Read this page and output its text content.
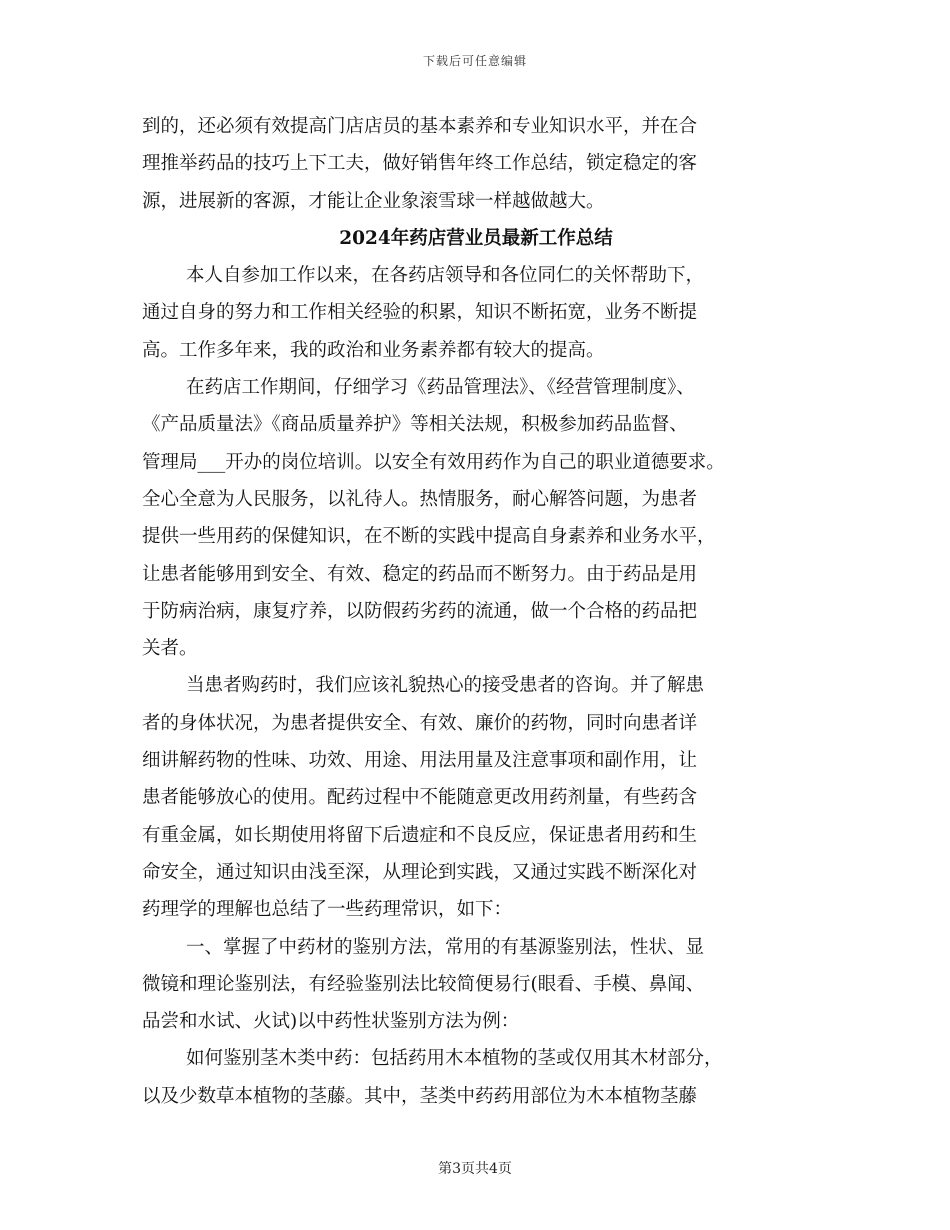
下载后可任意编辑
到的，还必须有效提高门店店员的基本素养和专业知识水平，并在合
理推举药品的技巧上下工夫，做好销售年终工作总结，锁定稳定的客
源，进展新的客源，才能让企业象滚雪球一样越做越大。
2024年药店营业员最新工作总结
本人自参加工作以来，在各药店领导和各位同仁的关怀帮助下，
通过自身的努力和工作相关经验的积累，知识不断拓宽，业务不断提
高。工作多年来，我的政治和业务素养都有较大的提高。
在药店工作期间，仔细学习《药品管理法》、《经营管理制度》、
《产品质量法》《商品质量养护》等相关法规，积极参加药品监督、
管理局___开办的岗位培训。以安全有效用药作为自己的职业道德要求。
全心全意为人民服务，以礼待人。热情服务，耐心解答问题，为患者
提供一些用药的保健知识，在不断的实践中提高自身素养和业务水平，
让患者能够用到安全、有效、稳定的药品而不断努力。由于药品是用
于防病治病，康复疗养，以防假药劣药的流通，做一个合格的药品把
关者。
当患者购药时，我们应该礼貌热心的接受患者的咨询。并了解患
者的身体状况，为患者提供安全、有效、廉价的药物，同时向患者详
细讲解药物的性味、功效、用途、用法用量及注意事项和副作用，让
患者能够放心的使用。配药过程中不能随意更改用药剂量，有些药含
有重金属，如长期使用将留下后遗症和不良反应，保证患者用药和生
命安全，通过知识由浅至深，从理论到实践，又通过实践不断深化对
药理学的理解也总结了一些药理常识，如下：
一、掌握了中药材的鉴别方法，常用的有基源鉴别法，性状、显
微镜和理论鉴别法，有经验鉴别法比较简便易行(眼看、手模、鼻闻、
品尝和水试、火试)以中药性状鉴别方法为例：
如何鉴别茎木类中药：包括药用木本植物的茎或仅用其木材部分，
以及少数草本植物的茎藤。其中，茎类中药药用部位为木本植物茎藤
第3页共4页
